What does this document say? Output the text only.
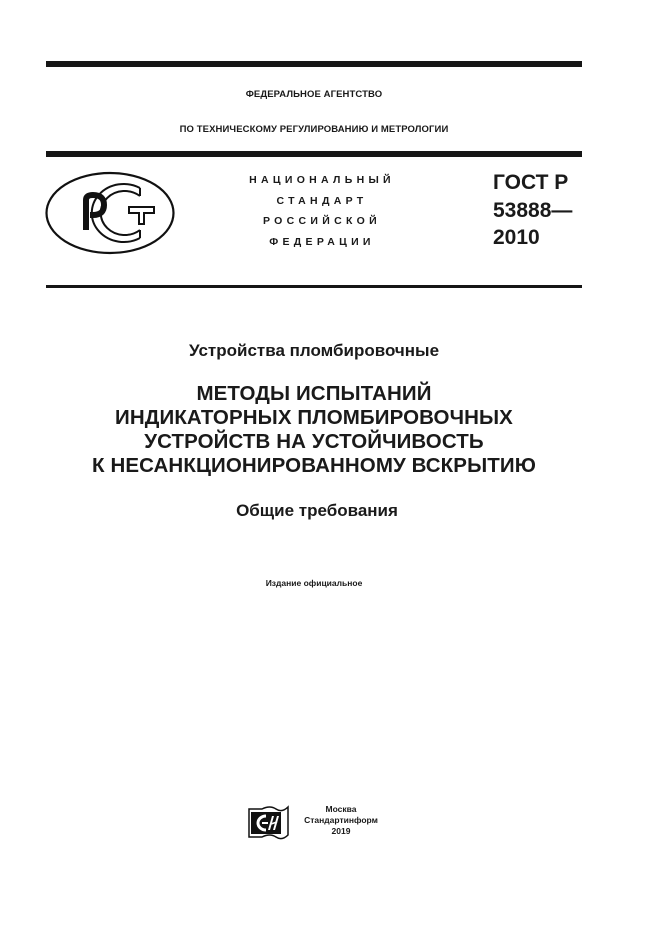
ФЕДЕРАЛЬНОЕ АГЕНТСТВО
ПО ТЕХНИЧЕСКОМУ РЕГУЛИРОВАНИЮ И МЕТРОЛОГИИ
НАЦИОНАЛЬНЫЙ
СТАНДАРТ
РОССИЙСКОЙ
ФЕДЕРАЦИИ
ГОСТ Р
53888—
2010
Устройства пломбировочные
МЕТОДЫ ИСПЫТАНИЙ
ИНДИКАТОРНЫХ ПЛОМБИРОВОЧНЫХ
УСТРОЙСТВ НА УСТОЙЧИВОСТЬ
К НЕСАНКЦИОНИРОВАННОМУ ВСКРЫТИЮ
Общие требования
Издание официальное
Москва
Стандартинформ
2019
